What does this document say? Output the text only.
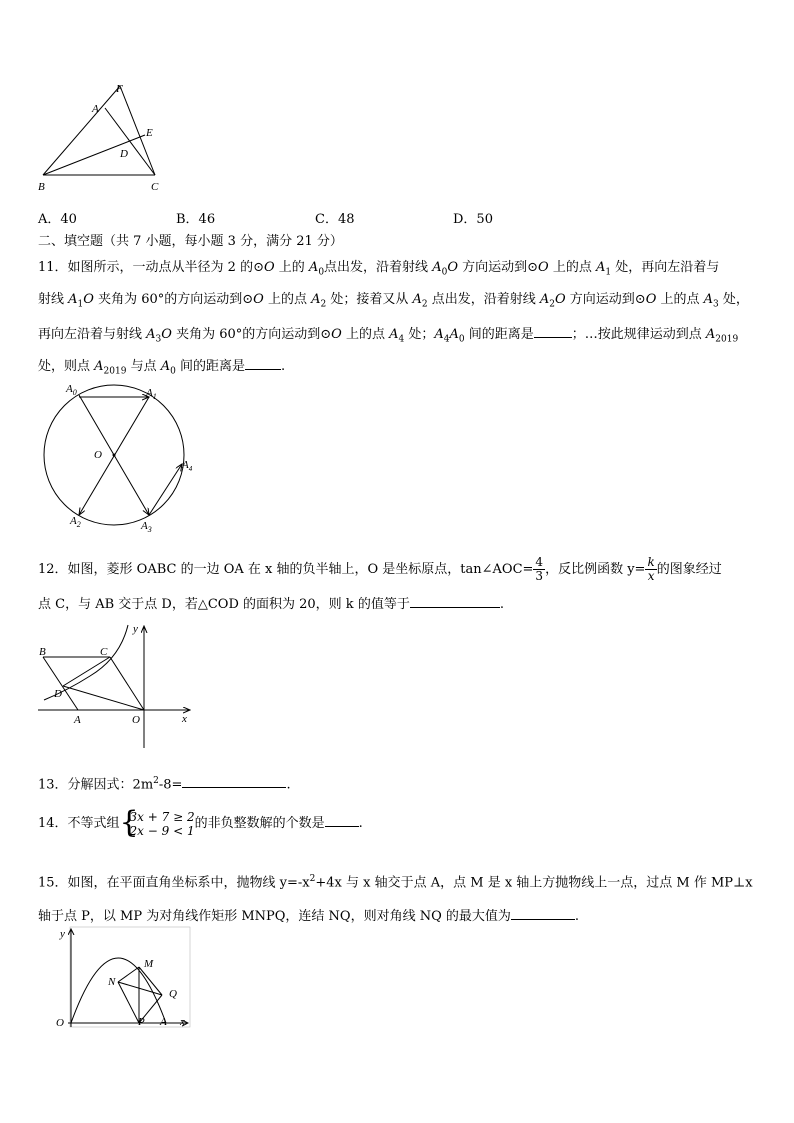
F
A
E
D
B	C
A．40	B．46	C．48	D．50
二、填空题（共 7 小题，每小题 3 分，满分 21 分）
11．如图所示，一动点从半径为 2 的⊙O 上的 $A_0$点出发，沿着射线 $A_0O$ 方向运动到⊙O 上的点 $A_1$ 处，再向左沿着与
射线 $A_1O$ 夹角为 60°的方向运动到⊙O 上的点 $A_2$ 处；接着又从 $A_2$ 点出发，沿着射线 $A_2O$ 方向运动到⊙O 上的点 $A_3$ 处，
再向左沿着与射线 $A_3O$ 夹角为 60°的方向运动到⊙O 上的点 $A_4$ 处；$A_4A_0$ 间的距离是	；…按此规律运动到点 $A_{2019}$
处，则点 $A_{2019}$ 与点 $A_0$ 间的距离是	.
$A_0$	$A_1$
O
$A_4$
$A_2$	$A_3$
12．如图，菱形 OABC 的一边 OA 在 x 轴的负半轴上，O 是坐标原点，tan∠AOC= $\frac{4}{3}$ ，反比例函数 $y= \frac{k}{x}$ 的图象经过
点 C，与 AB 交于点 D，若△COD 的面积为 20，则 k 的值等于	.
y
B	C
D
A	O	x
13．分解因式：$2m^2-8=$	.
14．不等式组 {
3x + 7 ≥ 2
2x − 9 < 1 的非负整数解的个数是	.
15．如图，在平面直角坐标系中，抛物线 $y=-x^2+4x$ 与 x 轴交于点 A，点 M 是 x 轴上方抛物线上一点，过点 M 作 MP⊥x
轴于点 P，以 MP 为对角线作矩形 MNPQ，连结 NQ，则对角线 NQ 的最大值为	.
y
M
N
Q
O	P A x
